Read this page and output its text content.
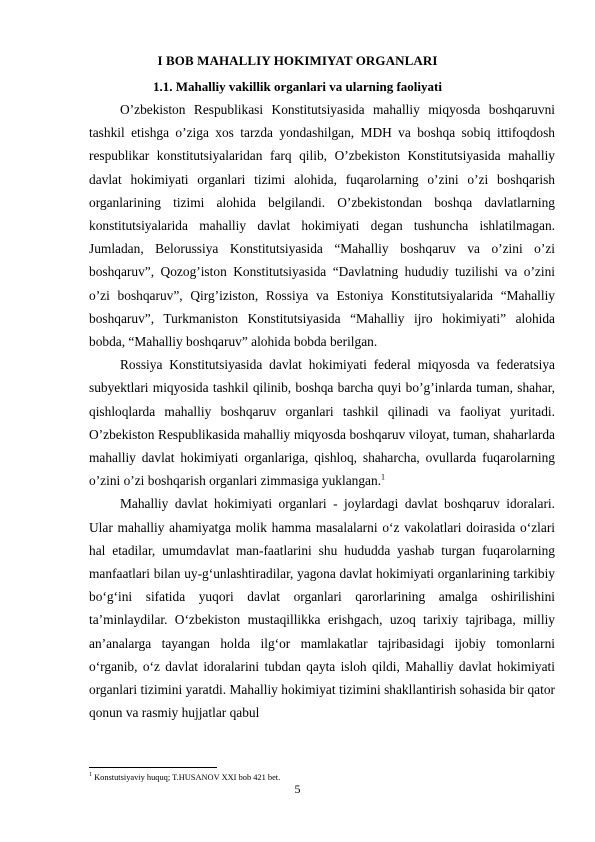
I BOB MAHALLIY HOKIMIYAT ORGANLARI
1.1. Mahalliy vakillik organlari va ularning faoliyati

O’zbekiston Respublikasi Konstitutsiyasida mahalliy miqyosda boshqaruvni tashkil etishga o’ziga xos tarzda yondashilgan, MDH va boshqa sobiq ittifoqdosh respublikar konstitutsiyalaridan farq qilib, O’zbekiston Konstitutsiyasida mahalliy davlat hokimiyati organlari tizimi alohida, fuqarolarning o’zini o’zi boshqarish organlarining tizimi alohida belgilandi. O’zbekistondan boshqa davlatlarning konstitutsiyalarida mahalliy davlat hokimiyati degan tushuncha ishlatilmagan. Jumladan, Belorussiya Konstitutsiyasida “Mahalliy boshqaruv va o’zini o’zi boshqaruv”, Qozog’iston Konstitutsiyasida “Davlatning hududiy tuzilishi va o’zini o’zi boshqaruv”, Qirg’iziston, Rossiya va Estoniya Konstitutsiyalarida “Mahalliy boshqaruv”, Turkmaniston Konstitutsiyasida “Mahalliy ijro hokimiyati” alohida bobda, “Mahalliy boshqaruv” alohida bobda berilgan.

Rossiya Konstitutsiyasida davlat hokimiyati federal miqyosda va federatsiya subyektlari miqyosida tashkil qilinib, boshqa barcha quyi bo’g’inlarda tuman, shahar, qishloqlarda mahalliy boshqaruv organlari tashkil qilinadi va faoliyat yuritadi. O’zbekiston Respublikasida mahalliy miqyosda boshqaruv viloyat, tuman, shaharlarda mahalliy davlat hokimiyati organlariga, qishloq, shaharcha, ovullarda fuqarolarning o’zini o’zi boshqarish organlari zimmasiga yuklangan.$^1$

Mahalliy davlat hokimiyati organlari - joylardagi davlat boshqaruv idoralari. Ular mahalliy ahamiyatga molik hamma masalalarni o‘z vakolatlari doirasida o‘zlari hal etadilar, umumdavlat man-faatlarini shu hududda yashab turgan fuqarolarning manfaatlari bilan uy-g‘unlashtiradilar, yagona davlat hokimiyati organlarining tarkibiy bo‘g‘ini sifatida yuqori davlat organlari qarorlarining amalga oshirilishini ta’minlaydilar. O‘zbekiston mustaqillikka erishgach, uzoq tarixiy tajribaga, milliy an’analarga tayangan holda ilg‘or mamlakatlar tajribasidagi ijobiy tomonlarni o‘rganib, o‘z davlat idoralarini tubdan qayta isloh qildi, Mahalliy davlat hokimiyati organlari tizimini yaratdi. Mahalliy hokimiyat tizimini shakllantirish sohasida bir qator qonun va rasmiy hujjatlar qabul

$^1$ Konstutsiyaviy huquq; T.HUSANOV XXI bob 421 bet.
5
